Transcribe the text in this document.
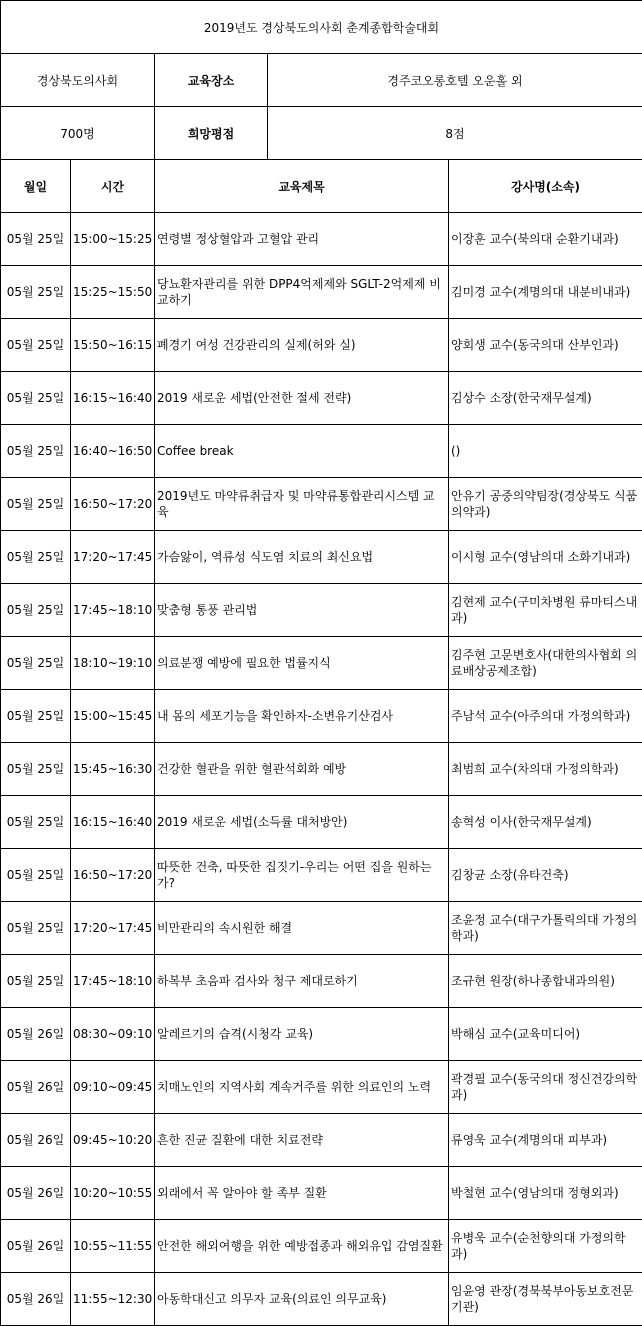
2019년도 경상북도의사회 춘계종합학술대회				
경상북도의사회		교육장소	경주코오롱호텔 오운홀 외	
700명		희망평점	8점	
월일	시간	교육제목		강사명(소속)
05월 25일	15:00~15:25	연령별 정상혈압과 고혈압 관리		이장훈 교수(북의대 순환기내과)
05월 25일	15:25~15:50	당뇨환자관리를 위한 DPP4억제제와 SGLT-2억제제 비교하기		김미경 교수(계명의대 내분비내과)
05월 25일	15:50~16:15	폐경기 여성 건강관리의 실제(허와 실)		양회생 교수(동국의대 산부인과)
05월 25일	16:15~16:40	2019 새로운 세법(안전한 절세 전략)		김상수 소장(한국재무설계)
05월 25일	16:40~16:50	Coffee break		()
05월 25일	16:50~17:20	2019년도 마약류취급자 및 마약류통합관리시스템 교육		안유기 공중의약팀장(경상북도 식품의약과)
05월 25일	17:20~17:45	가슴앓이, 역류성 식도염 치료의 최신요법		이시형 교수(영남의대 소화기내과)
05월 25일	17:45~18:10	맞춤형 통풍 관리법		김현제 교수(구미차병원 류마티스내과)
05월 25일	18:10~19:10	의료분쟁 예방에 필요한 법률지식		김주현 고문변호사(대한의사협회 의료배상공제조합)
05월 25일	15:00~15:45	내 몸의 세포기능을 확인하자-소변유기산검사		주남석 교수(아주의대 가정의학과)
05월 25일	15:45~16:30	건강한 혈관을 위한 혈관석회화 예방		최범희 교수(차의대 가정의학과)
05월 25일	16:15~16:40	2019 새로운 세법(소득률 대처방안)		송혁성 이사(한국재무설계)
05월 25일	16:50~17:20	따뜻한 건축, 따뜻한 집짓기-우리는 어떤 집을 원하는가?		김창균 소장(유타건축)
05월 25일	17:20~17:45	비만관리의 속시원한 해결		조윤정 교수(대구가톨릭의대 가정의학과)
05월 25일	17:45~18:10	하복부 초음파 검사와 청구 제대로하기		조규현 원장(하나종합내과의원)
05월 26일	08:30~09:10	알레르기의 습격(시청각 교육)		박해심 교수(교육미디어)
05월 26일	09:10~09:45	치매노인의 지역사회 계속거주를 위한 의료인의 노력		곽경필 교수(동국의대 정신건강의학과)
05월 26일	09:45~10:20	흔한 진균 질환에 대한 치료전략		류영욱 교수(계명의대 피부과)
05월 26일	10:20~10:55	외래에서 꼭 알아야 할 족부 질환		박철현 교수(영남의대 정형외과)
05월 26일	10:55~11:55	안전한 해외여행을 위한 예방접종과 해외유입 감염질환		유병욱 교수(순천향의대 가정의학과)
05월 26일	11:55~12:30	아동학대신고 의무자 교육(의료인 의무교육)		임윤영 관장(경북북부아동보호전문기관)
